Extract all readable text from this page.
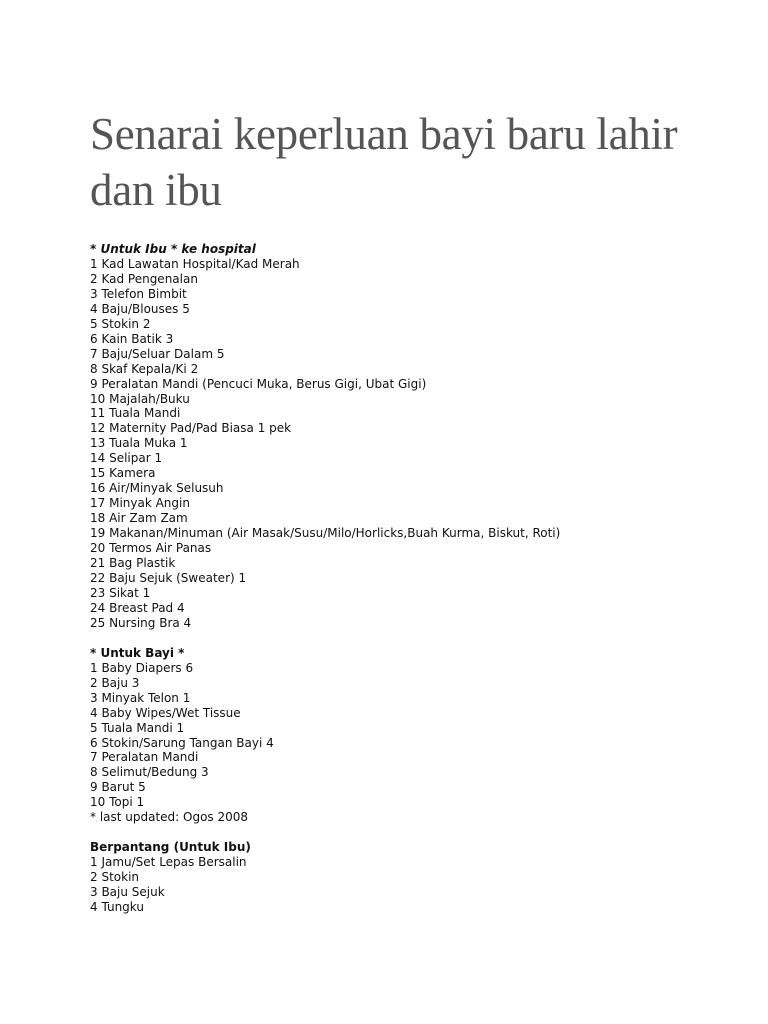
Senarai keperluan bayi baru lahir dan ibu
* Untuk Ibu * ke hospital
1 Kad Lawatan Hospital/Kad Merah
2 Kad Pengenalan
3 Telefon Bimbit
4 Baju/Blouses 5
5 Stokin 2
6 Kain Batik 3
7 Baju/Seluar Dalam 5
8 Skaf Kepala/Ki 2
9 Peralatan Mandi (Pencuci Muka, Berus Gigi, Ubat Gigi)
10 Majalah/Buku
11 Tuala Mandi
12 Maternity Pad/Pad Biasa 1 pek
13 Tuala Muka 1
14 Selipar 1
15 Kamera
16 Air/Minyak Selusuh
17 Minyak Angin
18 Air Zam Zam
19 Makanan/Minuman (Air Masak/Susu/Milo/Horlicks,Buah Kurma, Biskut, Roti)
20 Termos Air Panas
21 Bag Plastik
22 Baju Sejuk (Sweater) 1
23 Sikat 1
24 Breast Pad 4
25 Nursing Bra 4
* Untuk Bayi *
1 Baby Diapers 6
2 Baju 3
3 Minyak Telon 1
4 Baby Wipes/Wet Tissue
5 Tuala Mandi 1
6 Stokin/Sarung Tangan Bayi 4
7 Peralatan Mandi
8 Selimut/Bedung 3
9 Barut 5
10 Topi 1
* last updated: Ogos 2008
Berpantang (Untuk Ibu)
1 Jamu/Set Lepas Bersalin
2 Stokin
3 Baju Sejuk
4 Tungku
